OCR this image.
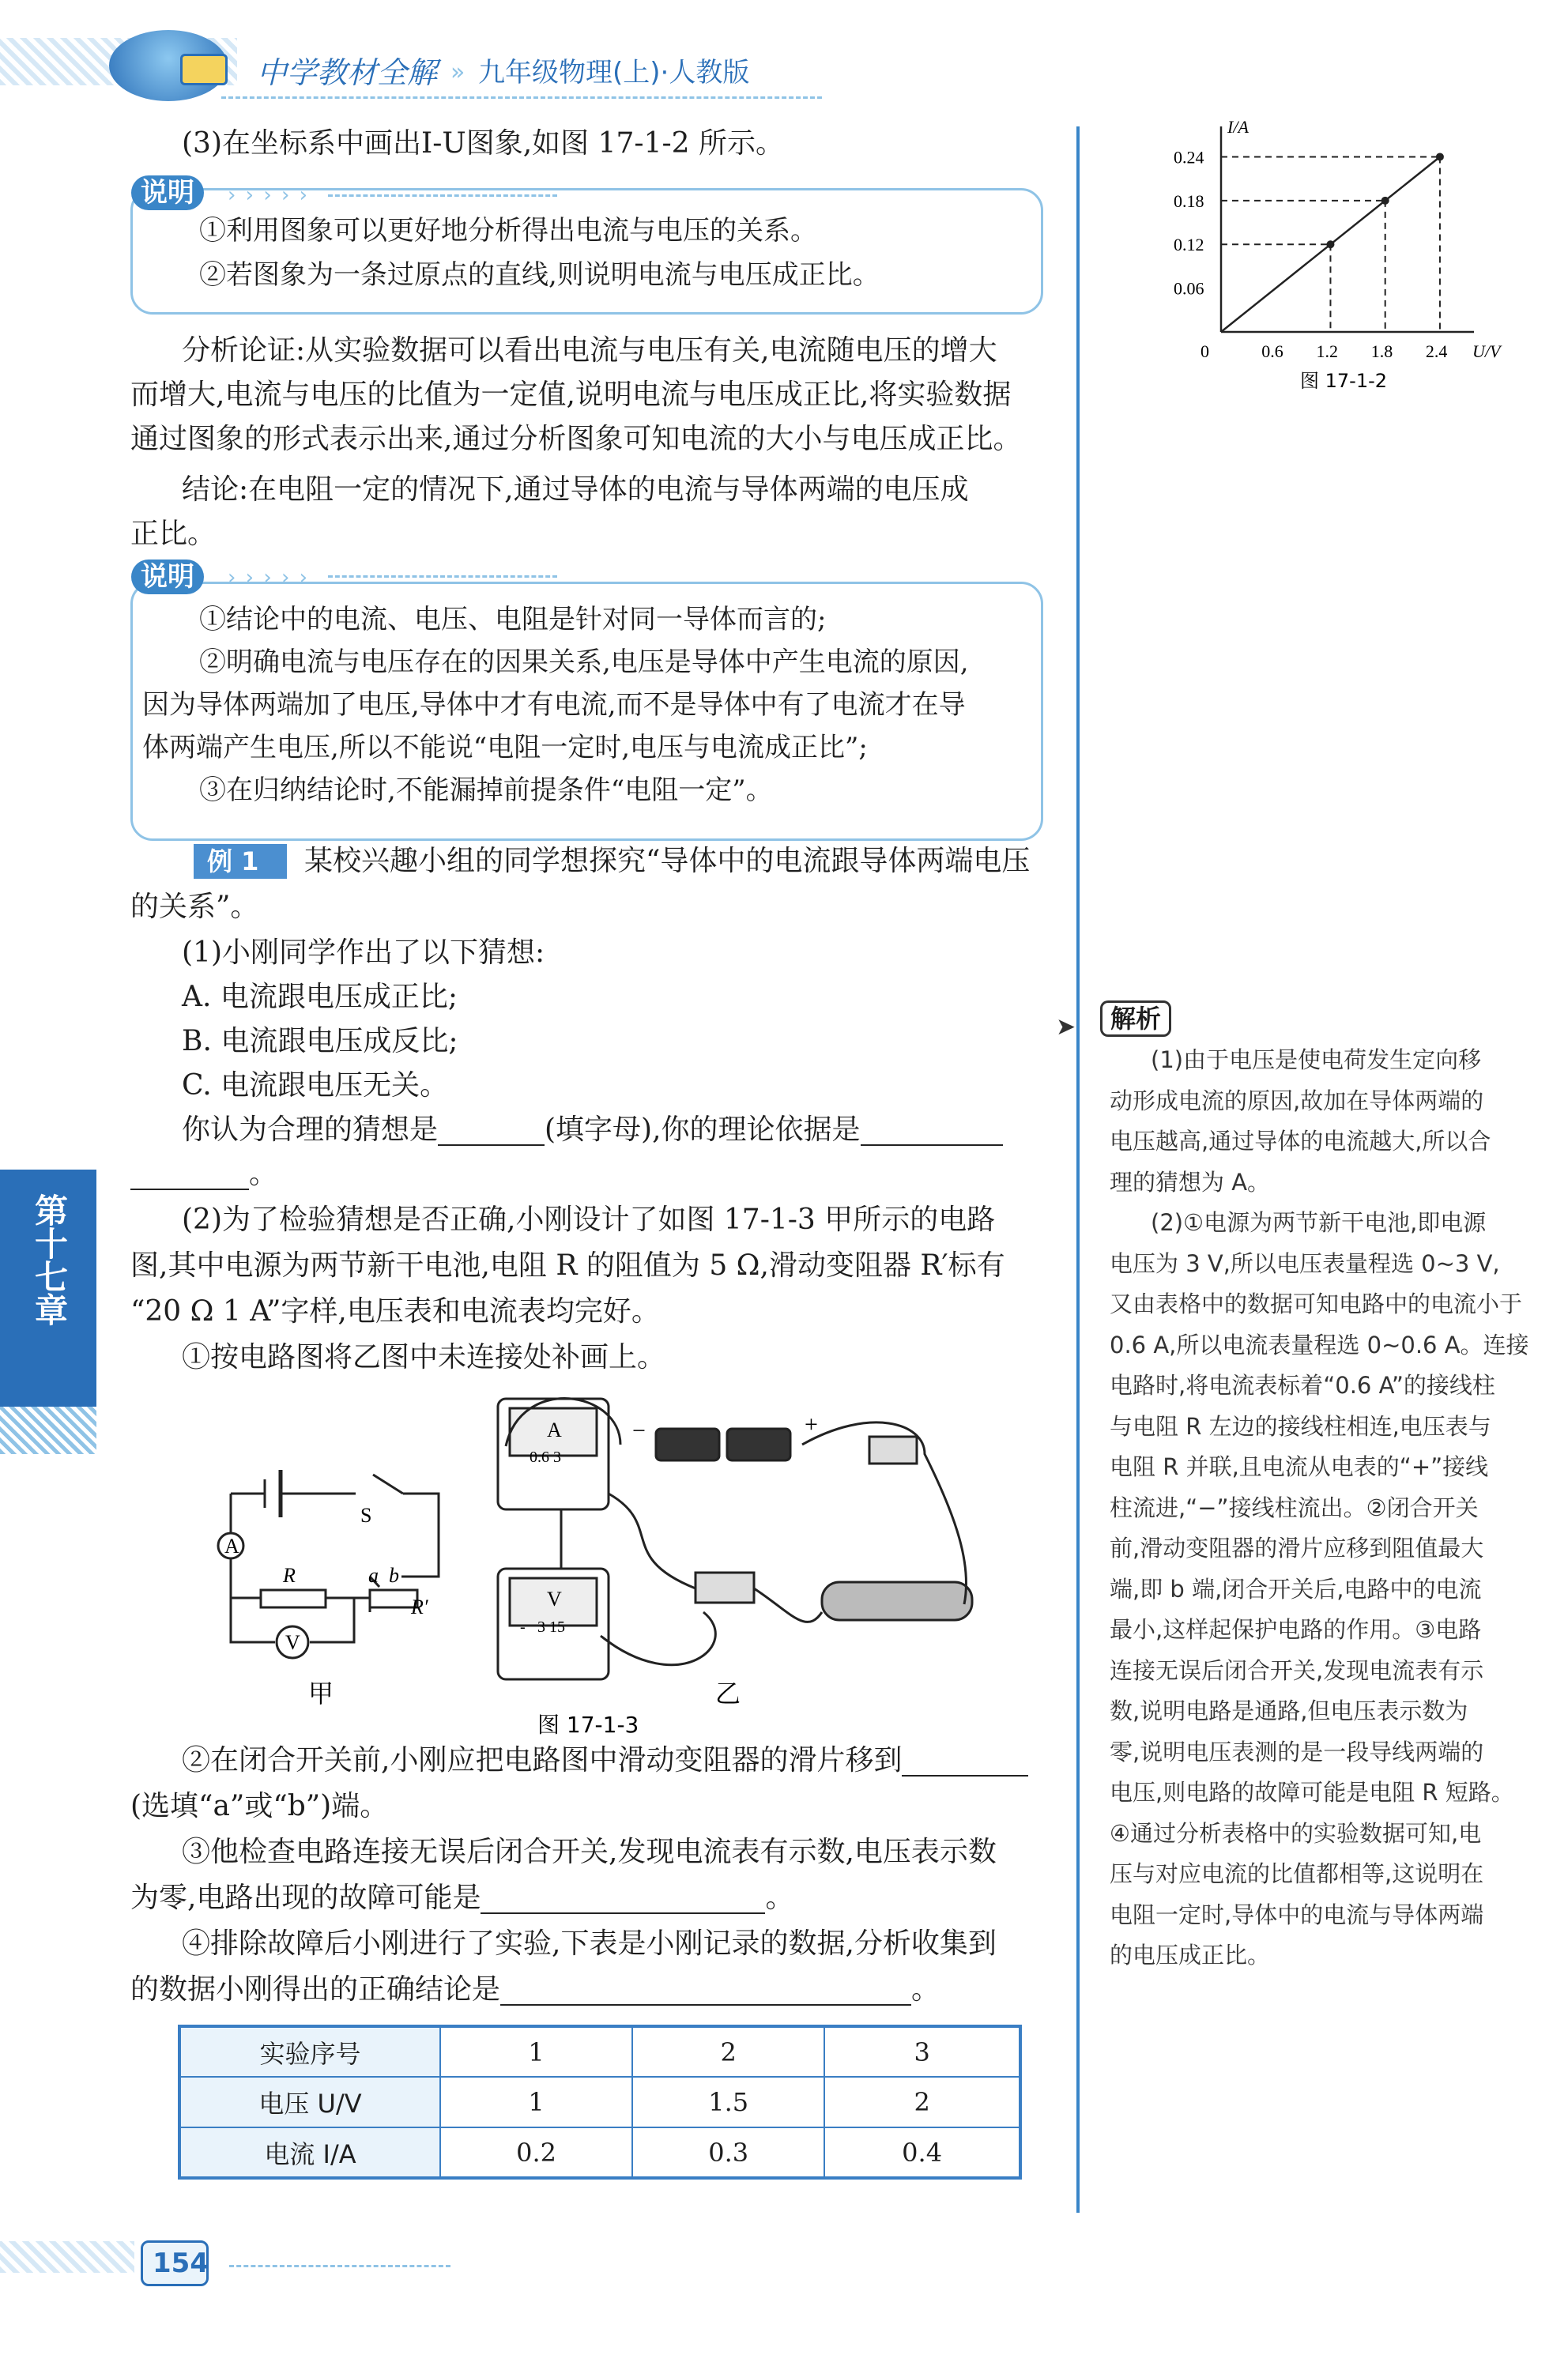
中学教材全解 » 九年级物理(上)·人教版
(3)在坐标系中画出I-U图象,如图 17-1-2 所示。
说明	› › › › ›
①利用图象可以更好地分析得出电流与电压的关系。
②若图象为一条过原点的直线,则说明电流与电压成正比。
分析论证:从实验数据可以看出电流与电压有关,电流随电压的增大
而增大,电流与电压的比值为一定值,说明电流与电压成正比,将实验数据
通过图象的形式表示出来,通过分析图象可知电流的大小与电压成正比。
结论:在电阻一定的情况下,通过导体的电流与导体两端的电压成
正比。
说明	› › › › ›
①结论中的电流、电压、电阻是针对同一导体而言的;
②明确电流与电压存在的因果关系,电压是导体中产生电流的原因,
因为导体两端加了电压,导体中才有电流,而不是导体中有了电流才在导
体两端产生电压,所以不能说“电阻一定时,电压与电流成正比”;
③在归纳结论时,不能漏掉前提条件“电阻一定”。
例 1 某校兴趣小组的同学想探究“导体中的电流跟导体两端电压
的关系”。
(1)小刚同学作出了以下猜想:
A. 电流跟电压成正比;
B. 电流跟电压成反比;
C. 电流跟电压无关。
你认为合理的猜想是	(填字母),你的理论依据是
。
(2)为了检验猜想是否正确,小刚设计了如图 17-1-3 甲所示的电路
图,其中电源为两节新干电池,电阻 R 的阻值为 5 Ω,滑动变阻器 R′标有
“20 Ω 1 A”字样,电压表和电流表均完好。
①按电路图将乙图中未连接处补画上。
S
A
R	a b
R′
V
甲
0.6 3
A
- 3 15
V
−	+
乙
图 17-1-3
②在闭合开关前,小刚应把电路图中滑动变阻器的滑片移到
(选填“a”或“b”)端。
③他检查电路连接无误后闭合开关,发现电流表有示数,电压表示数
为零,电路出现的故障可能是	。
④排除故障后小刚进行了实验,下表是小刚记录的数据,分析收集到
的数据小刚得出的正确结论是	。
实验序号	1	2	3
电压 U/V	1	1.5	2
电流 I/A	0.2	0.3	0.4
I/A
U/V
0	0.6 1.2 1.8 2.4
0.06
0.12
0.18
0.24
图 17-1-2
➤	解析
(1)由于电压是使电荷发生定向移
动形成电流的原因,故加在导体两端的
电压越高,通过导体的电流越大,所以合
理的猜想为 A。
(2)①电源为两节新干电池,即电源
电压为 3 V,所以电压表量程选 0~3 V,
又由表格中的数据可知电路中的电流小于
0.6 A,所以电流表量程选 0~0.6 A。连接
电路时,将电流表标着“0.6 A”的接线柱
与电阻 R 左边的接线柱相连,电压表与
电阻 R 并联,且电流从电表的“+”接线
柱流进,“−”接线柱流出。②闭合开关
前,滑动变阻器的滑片应移到阻值最大
端,即 b 端,闭合开关后,电路中的电流
最小,这样起保护电路的作用。③电路
连接无误后闭合开关,发现电流表有示
数,说明电路是通路,但电压表示数为
零,说明电压表测的是一段导线两端的
电压,则电路的故障可能是电阻 R 短路。
④通过分析表格中的实验数据可知,电
压与对应电流的比值都相等,这说明在
电阻一定时,导体中的电流与导体两端
的电压成正比。
第十七章
154
